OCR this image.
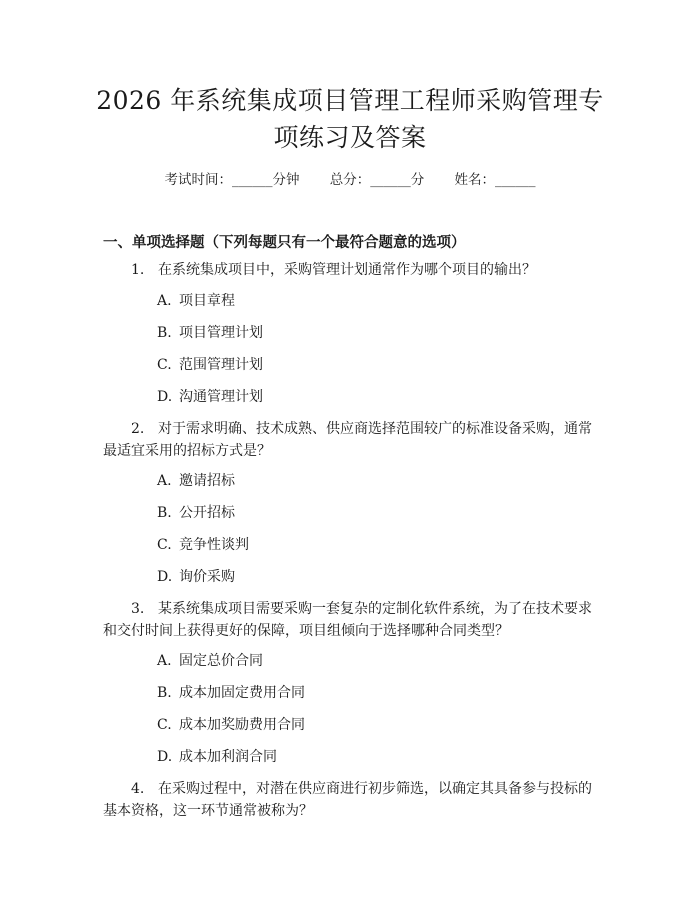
2026 年系统集成项目管理工程师采购管理专
项练习及答案
考试时间：______分钟 总分：______分 姓名：______
一、单项选择题（下列每题只有一个最符合题意的选项）
1. 在系统集成项目中，采购管理计划通常作为哪个项目的输出？
A. 项目章程
B. 项目管理计划
C. 范围管理计划
D. 沟通管理计划
2. 对于需求明确、技术成熟、供应商选择范围较广的标准设备采购，通常最适宜采用的招标方式是？
A. 邀请招标
B. 公开招标
C. 竞争性谈判
D. 询价采购
3. 某系统集成项目需要采购一套复杂的定制化软件系统，为了在技术要求和交付时间上获得更好的保障，项目组倾向于选择哪种合同类型？
A. 固定总价合同
B. 成本加固定费用合同
C. 成本加奖励费用合同
D. 成本加利润合同
4. 在采购过程中，对潜在供应商进行初步筛选，以确定其具备参与投标的基本资格，这一环节通常被称为？
